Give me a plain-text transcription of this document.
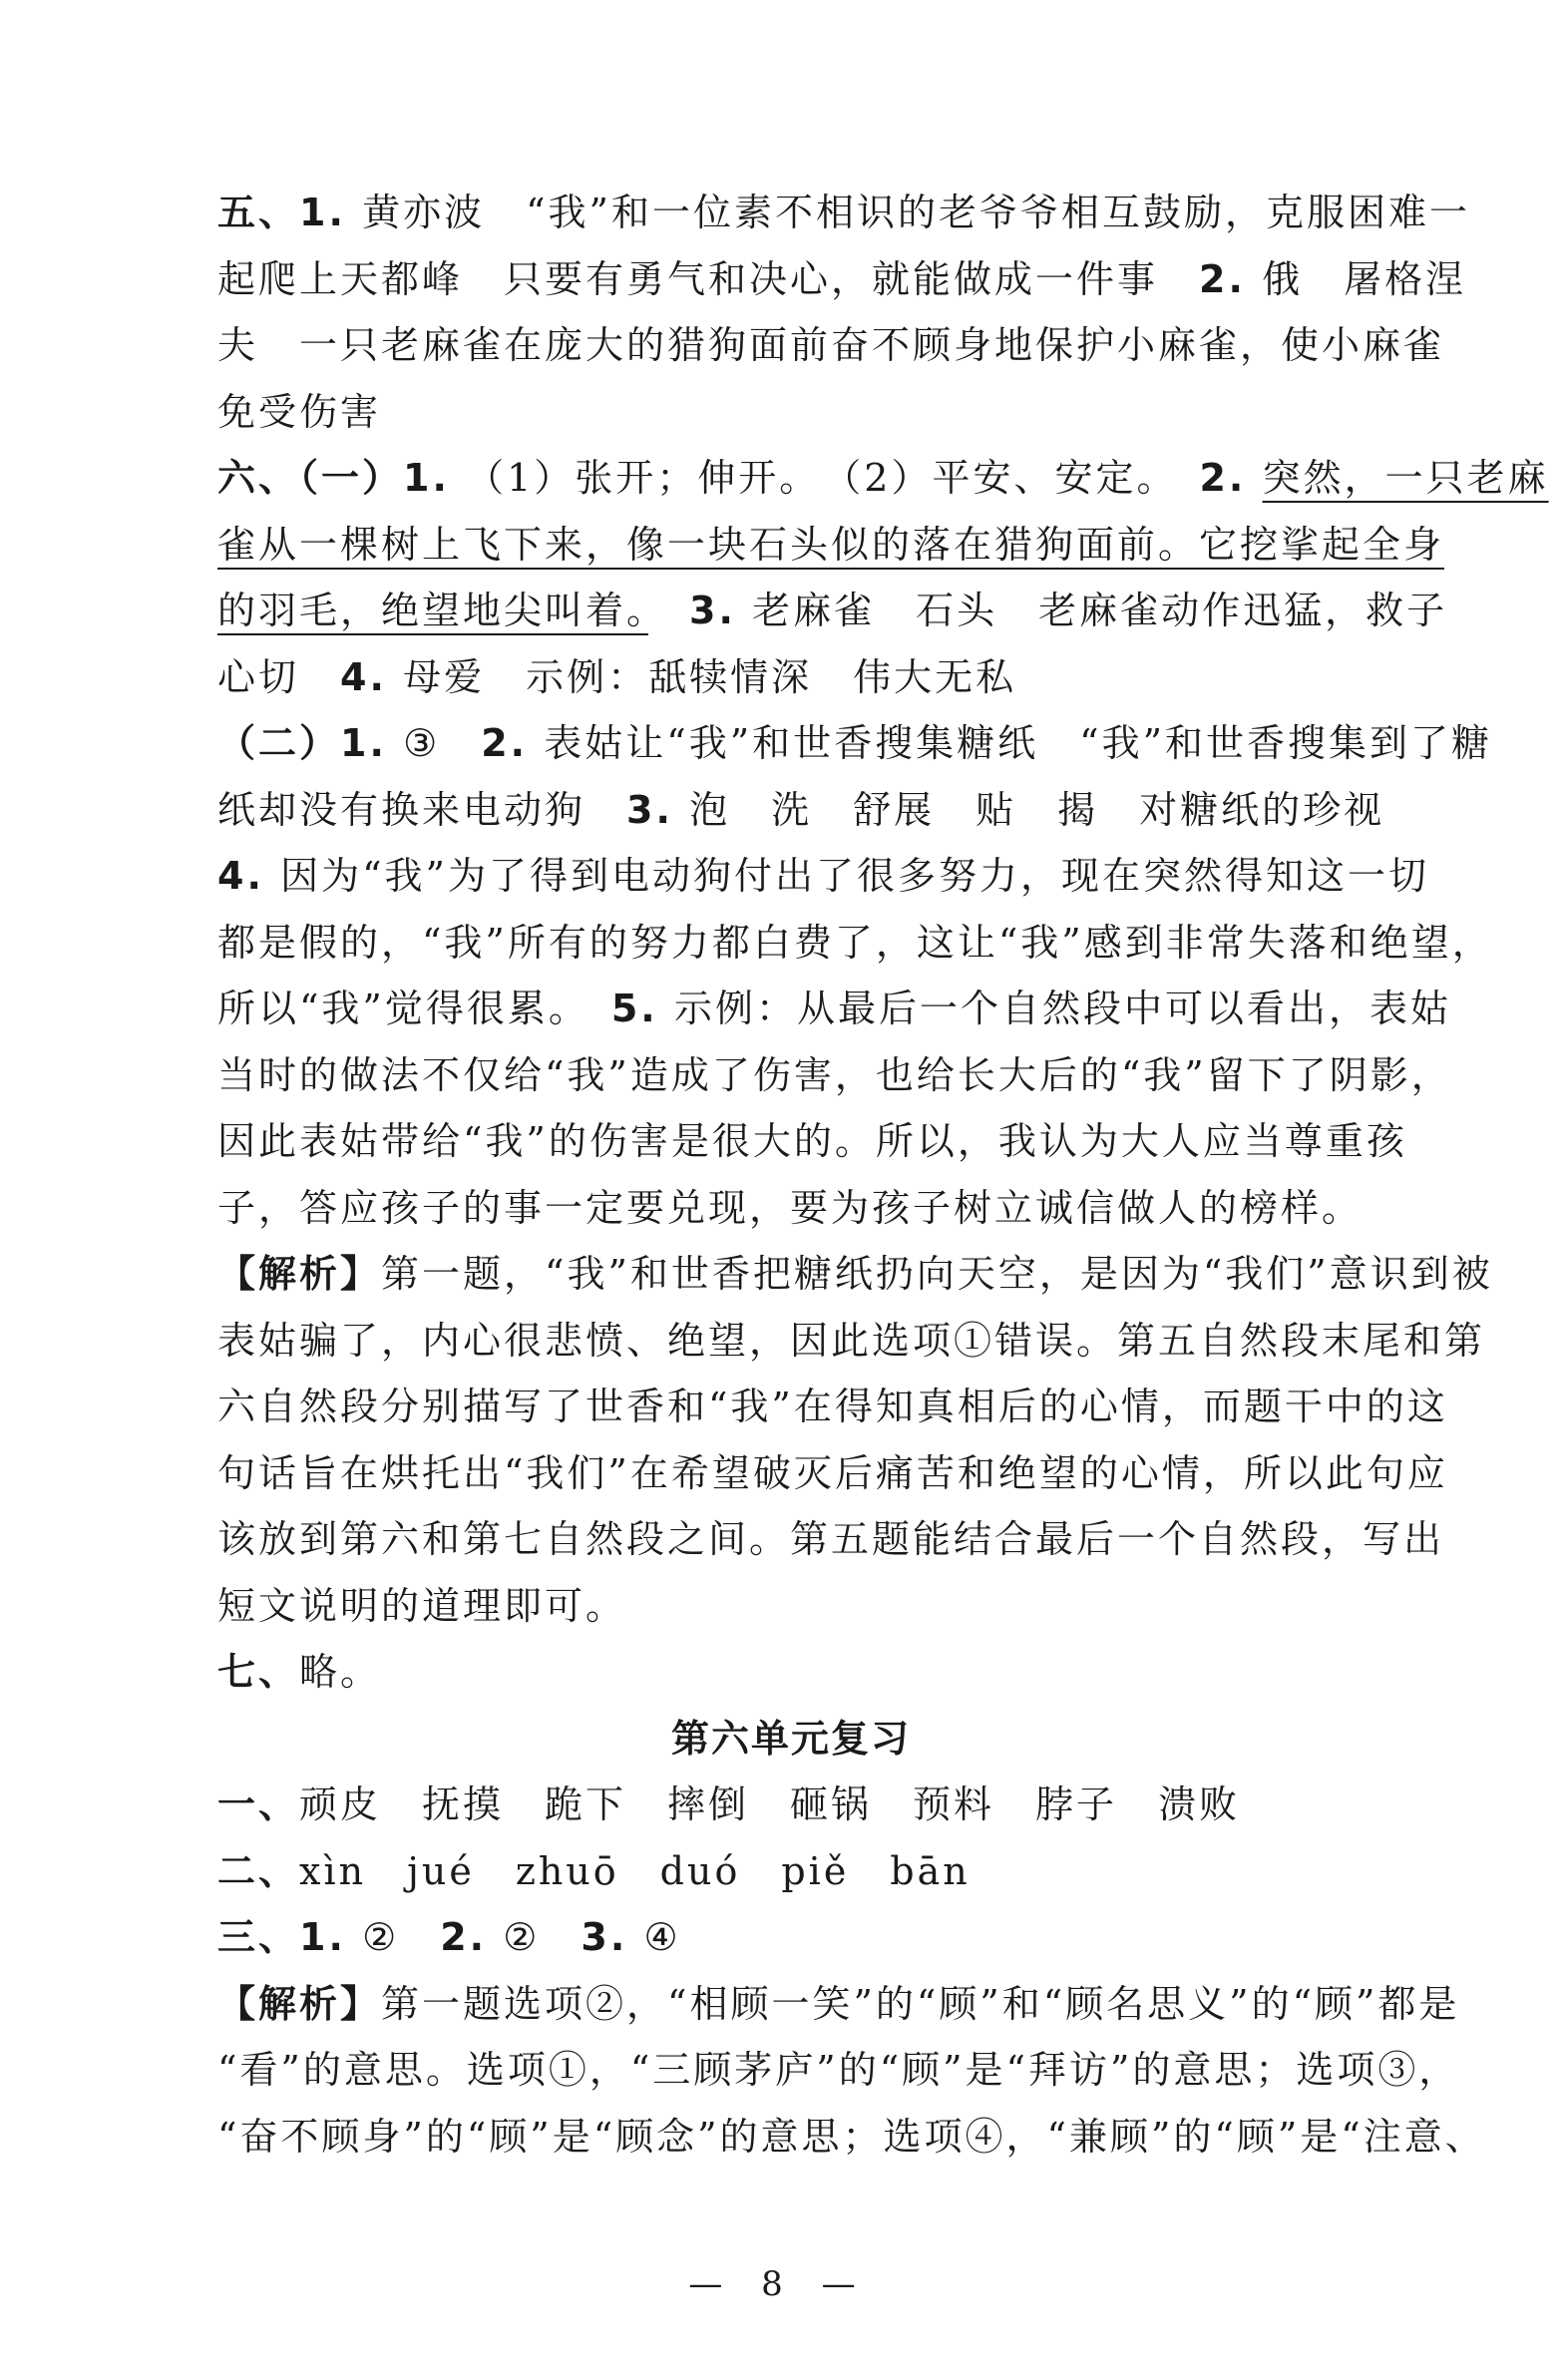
五、1. 黄亦波　“我”和一位素不相识的老爷爷相互鼓励，克服困难一
起爬上天都峰　只要有勇气和决心，就能做成一件事　2. 俄　屠格涅
夫　一只老麻雀在庞大的猎狗面前奋不顾身地保护小麻雀，使小麻雀
免受伤害
六、（一）1. （1）张开；伸开。　（2）平安、安定。　2. 突然，一只老麻
雀从一棵树上飞下来，像一块石头似的落在猎狗面前。它挖挲起全身
的羽毛，绝望地尖叫着。　 3. 老麻雀　石头　老麻雀动作迅猛，救子
心切　4. 母爱　示例：舐犊情深　伟大无私
（二）1. ③　2. 表姑让“我”和世香搜集糖纸　“我”和世香搜集到了糖
纸却没有换来电动狗　3. 泡　洗　舒展　贴　揭　对糖纸的珍视
4. 因为“我”为了得到电动狗付出了很多努力，现在突然得知这一切
都是假的，“我”所有的努力都白费了，这让“我”感到非常失落和绝望，
所以“我”觉得很累。　5. 示例：从最后一个自然段中可以看出，表姑
当时的做法不仅给“我”造成了伤害，也给长大后的“我”留下了阴影，
因此表姑带给“我”的伤害是很大的。所以，我认为大人应当尊重孩
子，答应孩子的事一定要兑现，要为孩子树立诚信做人的榜样。
【解析】第一题，“我”和世香把糖纸扔向天空，是因为“我们”意识到被
表姑骗了，内心很悲愤、绝望，因此选项①错误。第五自然段末尾和第
六自然段分别描写了世香和“我”在得知真相后的心情，而题干中的这
句话旨在烘托出“我们”在希望破灭后痛苦和绝望的心情，所以此句应
该放到第六和第七自然段之间。第五题能结合最后一个自然段，写出
短文说明的道理即可。
七、略。
第六单元复习
一、顽皮　抚摸　跪下　摔倒　砸锅　预料　脖子　溃败
二、xìn　jué　zhuō　duó　piě　bān
三、1. ②　2. ②　3. ④
【解析】第一题选项②，“相顾一笑”的“顾”和“顾名思义”的“顾”都是
“看”的意思。选项①，“三顾茅庐”的“顾”是“拜访”的意思；选项③，
“奋不顾身”的“顾”是“顾念”的意思；选项④，“兼顾”的“顾”是“注意、
— 8 —
